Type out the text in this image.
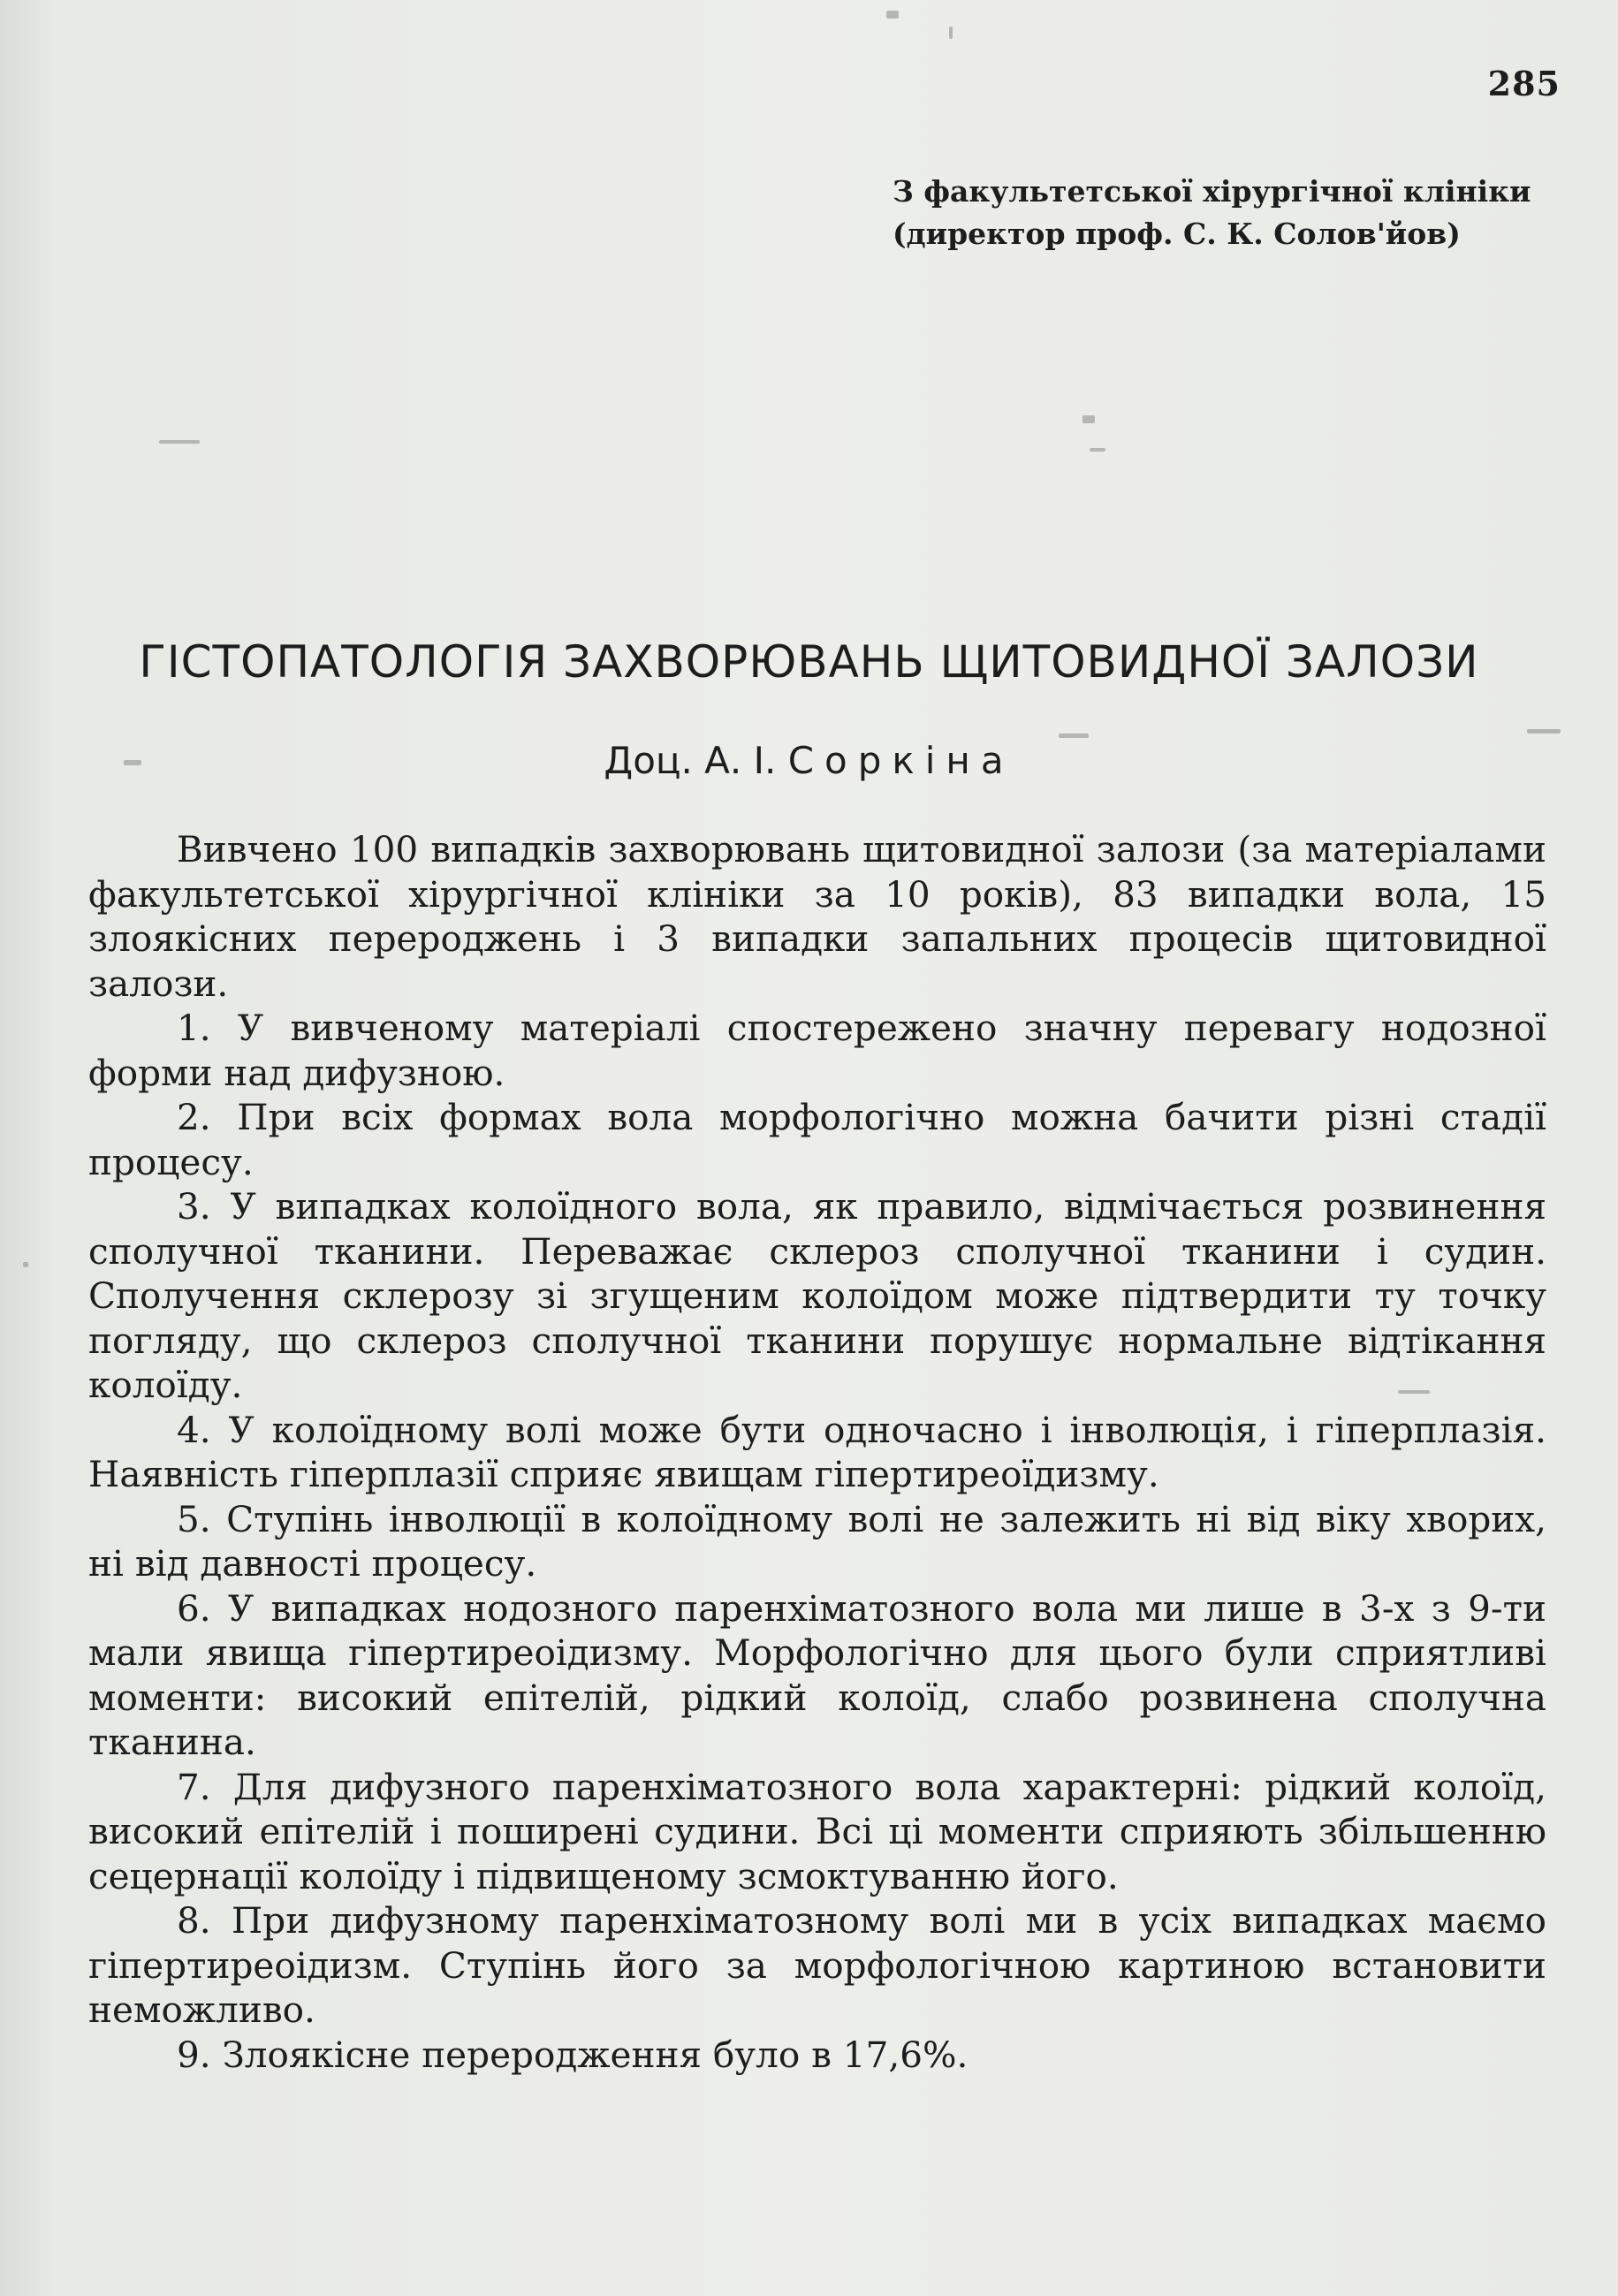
285
З факультетської хірургічної клініки
(директор проф. С. К. Солов'йов)
ГІСТОПАТОЛОГІЯ ЗАХВОРЮВАНЬ ЩИТОВИДНОЇ ЗАЛОЗИ
Доц. А. І. Соркіна

Вивчено 100 випадків захворювань щитовидної залози (за матеріалами факультетської хірургічної клініки за 10 років), 83 випадки вола, 15 злоякісних перероджень і 3 випадки запальних процесів щитовидної залози.

1. У вивченому матеріалі спостережено значну перевагу нодозної форми над дифузною.

2. При всіх формах вола морфологічно можна бачити різні стадії процесу.

3. У випадках колоїдного вола, як правило, відмічається розвинення сполучної тканини. Переважає склероз сполучної тканини і судин. Сполучення склерозу зі згущеним колоїдом може підтвердити ту точку погляду, що склероз сполучної тканини порушує нормальне відтікання колоїду.

4. У колоїдному волі може бути одночасно і інволюція, і гіперплазія. Наявність гіперплазії сприяє явищам гіпертиреоїдизму.

5. Ступінь інволюції в колоїдному волі не залежить ні від віку хворих, ні від давності процесу.

6. У випадках нодозного паренхіматозного вола ми лише в 3-х з 9-ти мали явища гіпертиреоідизму. Морфологічно для цього були сприятливі моменти: високий епітелій, рідкий колоїд, слабо розвинена сполучна тканина.

7. Для дифузного паренхіматозного вола характерні: рідкий колоїд, високий епітелій і поширені судини. Всі ці моменти сприяють збільшенню сецернації колоїду і підвищеному зсмоктуванню його.

8. При дифузному паренхіматозному волі ми в усіх випадках маємо гіпертиреоідизм. Ступінь його за морфологічною картиною встановити неможливо.

9. Злоякісне переродження було в 17,6%.
